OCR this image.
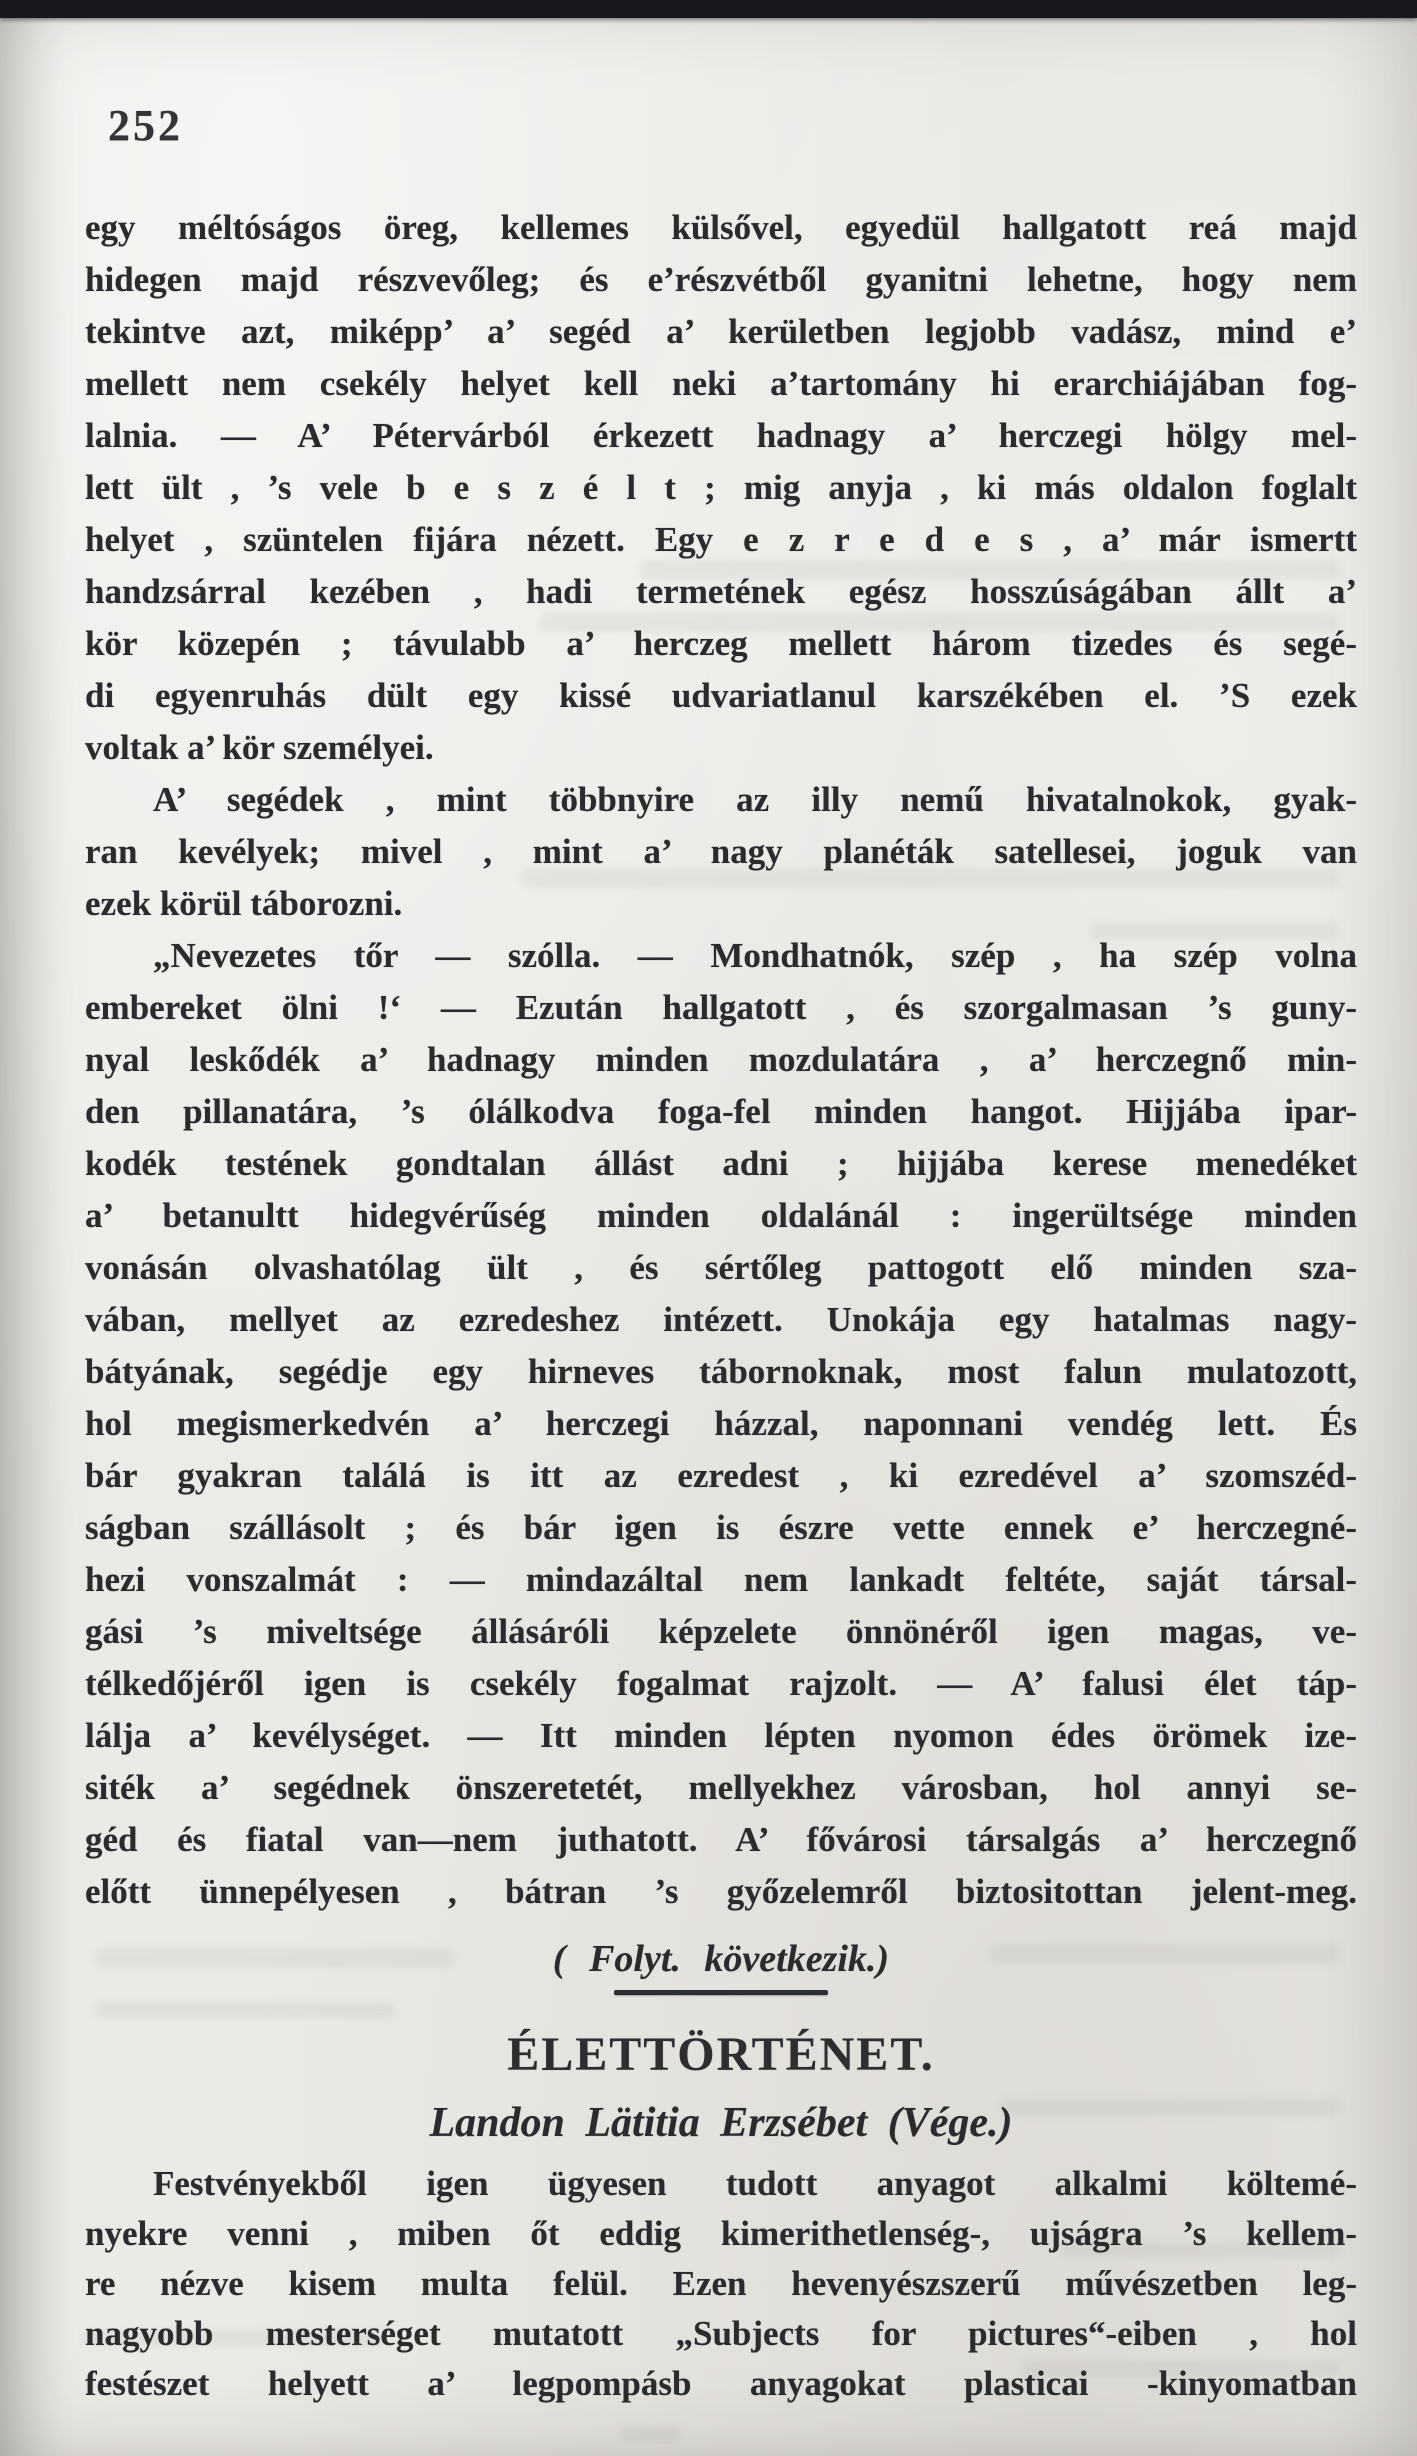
252
egy méltóságos öreg, kellemes külsővel, egyedül hallgatott reá majd
hidegen majd részvevőleg; és e’részvétből gyanitni lehetne, hogy nem
tekintve azt, miképp’ a’ segéd a’ kerületben legjobb vadász, mind e’
mellett nem csekély helyet kell neki a’tartomány hi erarchiájában fog-
lalnia. — A’ Pétervárból érkezett hadnagy a’ herczegi hölgy mel-
lett ült , ’s vele b e s z é l t ; mig anyja , ki más oldalon foglalt
helyet , szüntelen fijára nézett. Egy e z r e d e s , a’ már ismertt
handzsárral kezében , hadi termetének egész hosszúságában állt a’
kör közepén ; távulabb a’ herczeg mellett három tizedes és segé-
di egyenruhás dült egy kissé udvariatlanul karszékében el. ’S ezek
voltak a’ kör személyei.
A’ segédek , mint többnyire az illy nemű hivatalnokok, gyak-
ran kevélyek; mivel , mint a’ nagy planéták satellesei, joguk van
ezek körül táborozni.
„Nevezetes tőr — szólla. — Mondhatnók, szép , ha szép volna
embereket ölni !‘ — Ezután hallgatott , és szorgalmasan ’s guny-
nyal leskődék a’ hadnagy minden mozdulatára , a’ herczegnő min-
den pillanatára, ’s ólálkodva foga-fel minden hangot. Hijjába ipar-
kodék testének gondtalan állást adni ; hijjába kerese menedéket
a’ betanultt hidegvérűség minden oldalánál : ingerültsége minden
vonásán olvashatólag ült , és sértőleg pattogott elő minden sza-
vában, mellyet az ezredeshez intézett. Unokája egy hatalmas nagy-
bátyának, segédje egy hirneves tábornoknak, most falun mulatozott,
hol megismerkedvén a’ herczegi házzal, naponnani vendég lett. És
bár gyakran találá is itt az ezredest , ki ezredével a’ szomszéd-
ságban szállásolt ; és bár igen is észre vette ennek e’ herczegné-
hezi vonszalmát : — mindazáltal nem lankadt feltéte, saját társal-
gási ’s miveltsége állásáróli képzelete önnönéről igen magas, ve-
télkedőjéről igen is csekély fogalmat rajzolt. — A’ falusi élet táp-
lálja a’ kevélységet. — Itt minden lépten nyomon édes örömek ize-
siték a’ segédnek önszeretetét, mellyekhez városban, hol annyi se-
géd és fiatal van—nem juthatott. A’ fővárosi társalgás a’ herczegnő
előtt ünnepélyesen , bátran ’s győzelemről biztositottan jelent-meg.
( Folyt. következik.)
ÉLETTÖRTÉNET.
Landon Lätitia Erzsébet (Vége.)
Festvényekből igen ügyesen tudott anyagot alkalmi költemé-
nyekre venni , miben őt eddig kimerithetlenség-, ujságra ’s kellem-
re nézve kisem multa felül. Ezen hevenyészszerű művészetben leg-
nagyobb mesterséget mutatott „Subjects for pictures“-eiben , hol
festészet helyett a’ legpompásb anyagokat plasticai -kinyomatban
